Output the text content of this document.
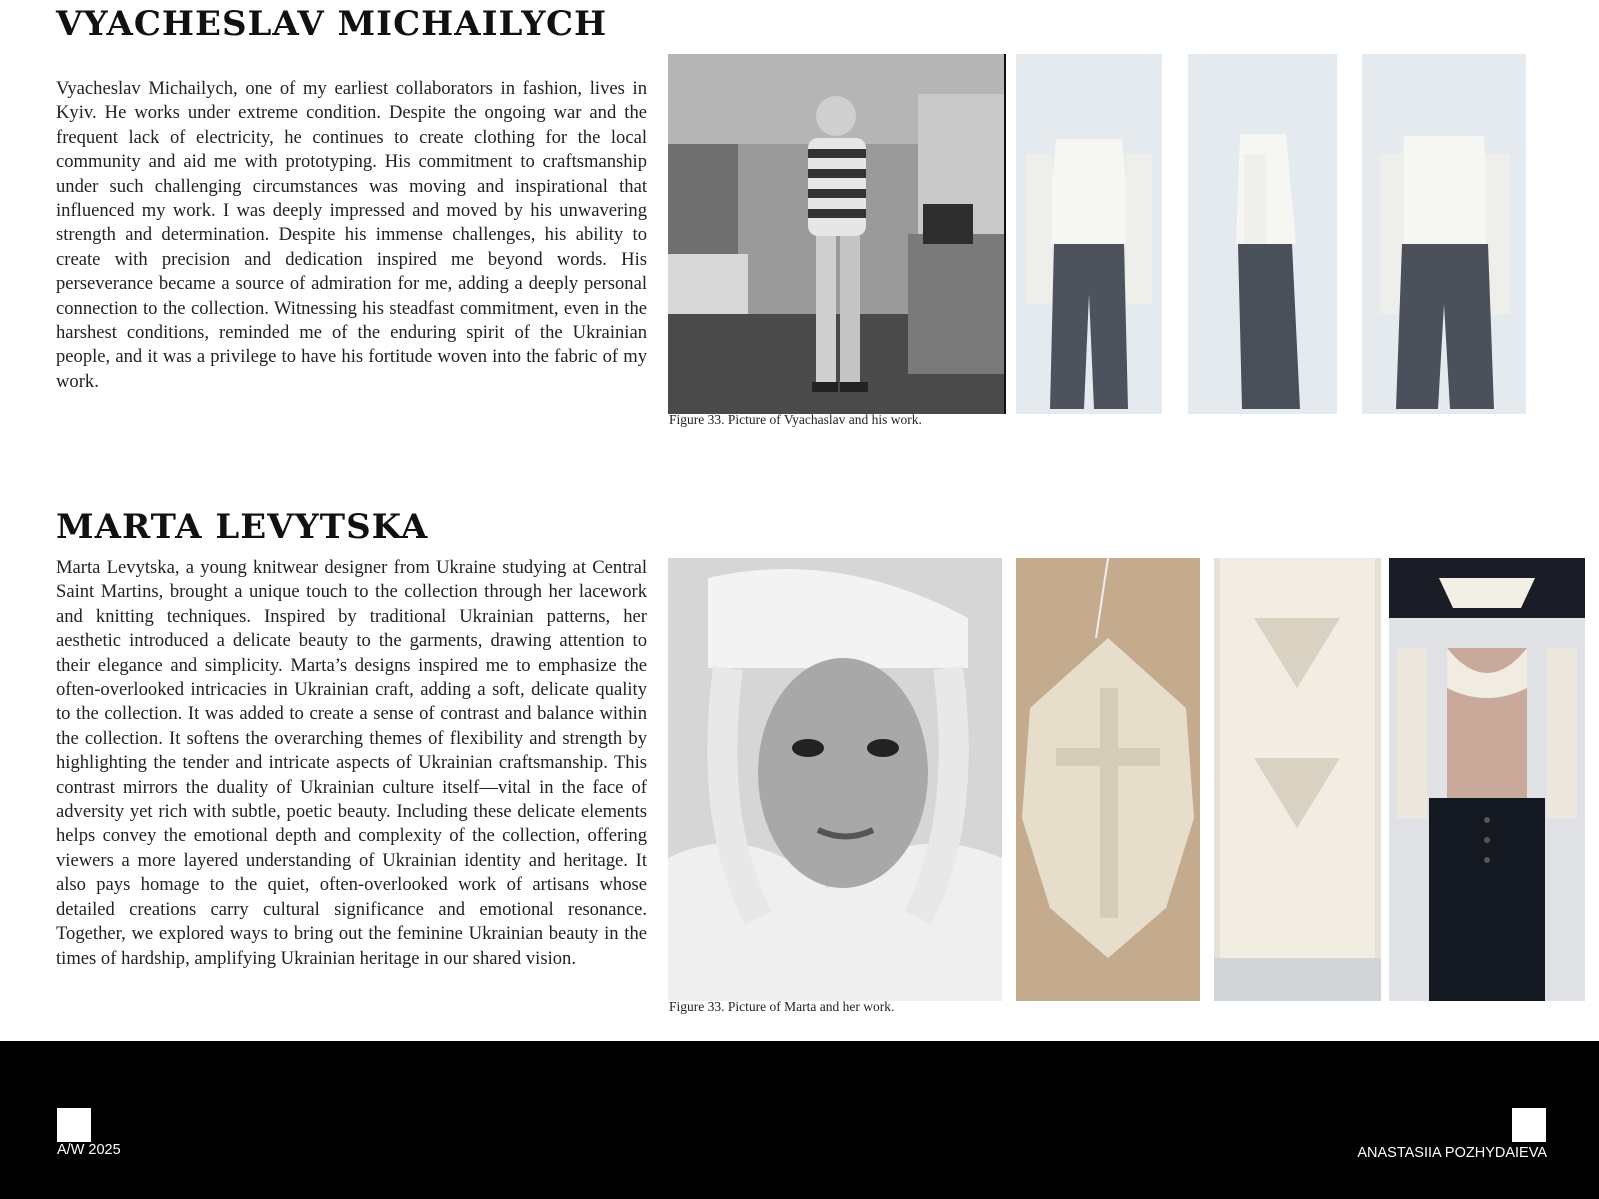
VYACHESLAV MICHAILYCH

Vyacheslav Michailych, one of my earliest collaborators in fashion, lives in Kyiv. He works under extreme condition. Despite the ongoing war and the frequent lack of electricity, he continues to create clothing for the local community and aid me with prototyping. His commitment to craftsmanship under such challenging circumstances was moving and inspirational that influenced my work. I was deeply impressed and moved by his unwavering strength and determination. Despite his immense challenges, his ability to create with precision and dedication inspired me beyond words. His perseverance became a source of admiration for me, adding a deeply personal connection to the collection. Witnessing his steadfast commitment, even in the harshest conditions, reminded me of the enduring spirit of the Ukrainian people, and it was a privilege to have his fortitude woven into the fabric of my work.

Figure 33. Picture of Vyachaslav and his work.
MARTA LEVYTSKA

Marta Levytska, a young knitwear designer from Ukraine studying at Central Saint Martins, brought a unique touch to the collection through her lacework and knitting techniques. Inspired by traditional Ukrainian patterns, her aesthetic introduced a delicate beauty to the garments, drawing attention to their elegance and simplicity. Marta’s designs inspired me to emphasize the often-overlooked intricacies in Ukrainian craft, adding a soft, delicate quality to the collection. It was added to create a sense of contrast and balance within the collection. It softens the overarching themes of flexibility and strength by highlighting the tender and intricate aspects of Ukrainian craftsmanship. This contrast mirrors the duality of Ukrainian culture itself—vital in the face of adversity yet rich with subtle, poetic beauty. Including these delicate elements helps convey the emotional depth and complexity of the collection, offering viewers a more layered understanding of Ukrainian identity and heritage. It also pays homage to the quiet, often-overlooked work of artisans whose detailed creations carry cultural significance and emotional resonance. Together, we explored ways to bring out the feminine Ukrainian beauty in the times of hardship, amplifying Ukrainian heritage in our shared vision.

Figure 33. Picture of Marta and her work.
A/W 2025	ANASTASIIA POZHYDAIEVA
